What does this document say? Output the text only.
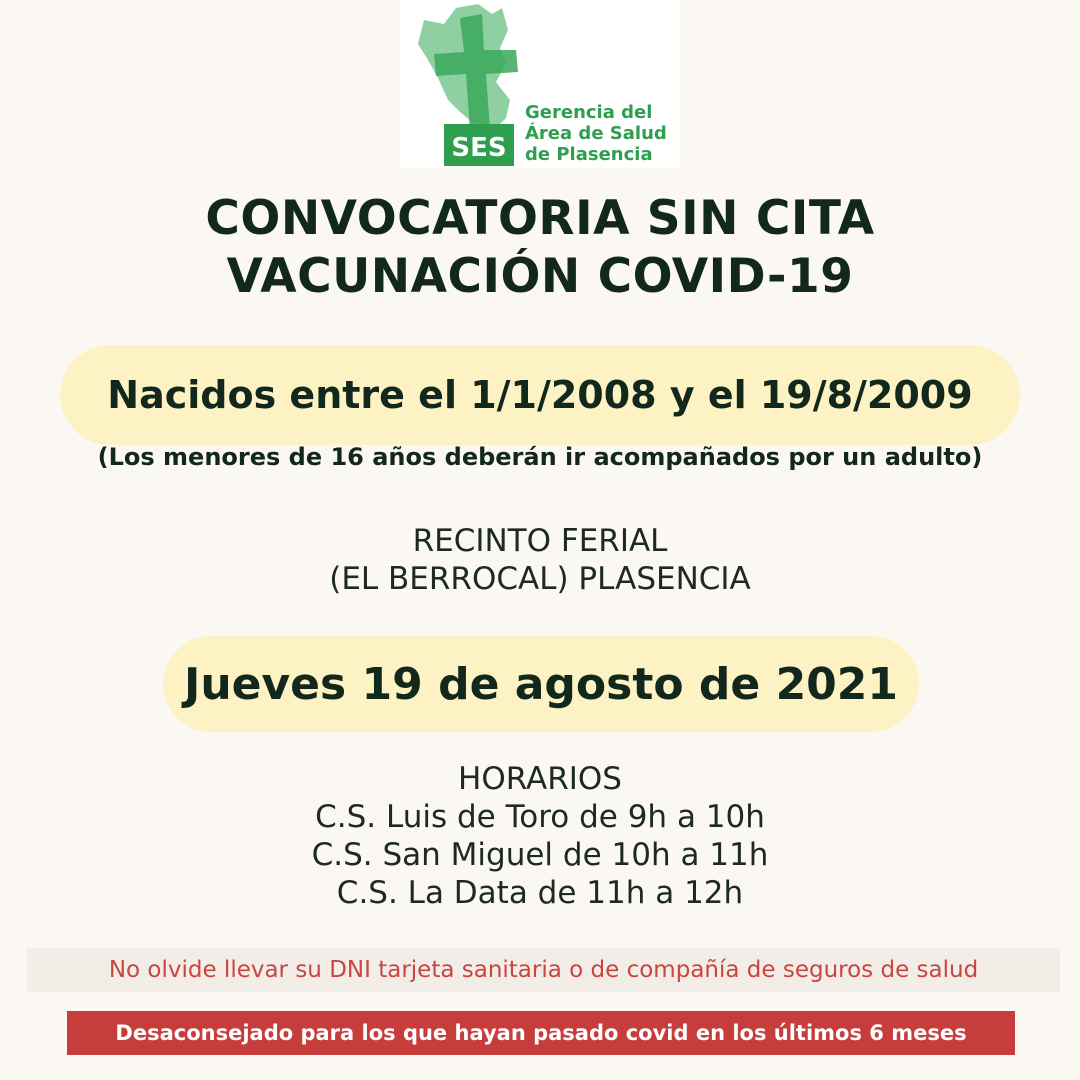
SES
Gerencia del
Área de Salud
de Plasencia
CONVOCATORIA SIN CITA
VACUNACIÓN COVID-19
Nacidos entre el 1/1/2008 y el 19/8/2009
(Los menores de 16 años deberán ir acompañados por un adulto)
RECINTO FERIAL
(EL BERROCAL) PLASENCIA
Jueves 19 de agosto de 2021
HORARIOS
C.S. Luis de Toro de 9h a 10h
C.S. San Miguel de 10h a 11h
C.S. La Data de 11h a 12h
No olvide llevar su DNI tarjeta sanitaria o de compañía de seguros de salud
Desaconsejado para los que hayan pasado covid en los últimos 6 meses
